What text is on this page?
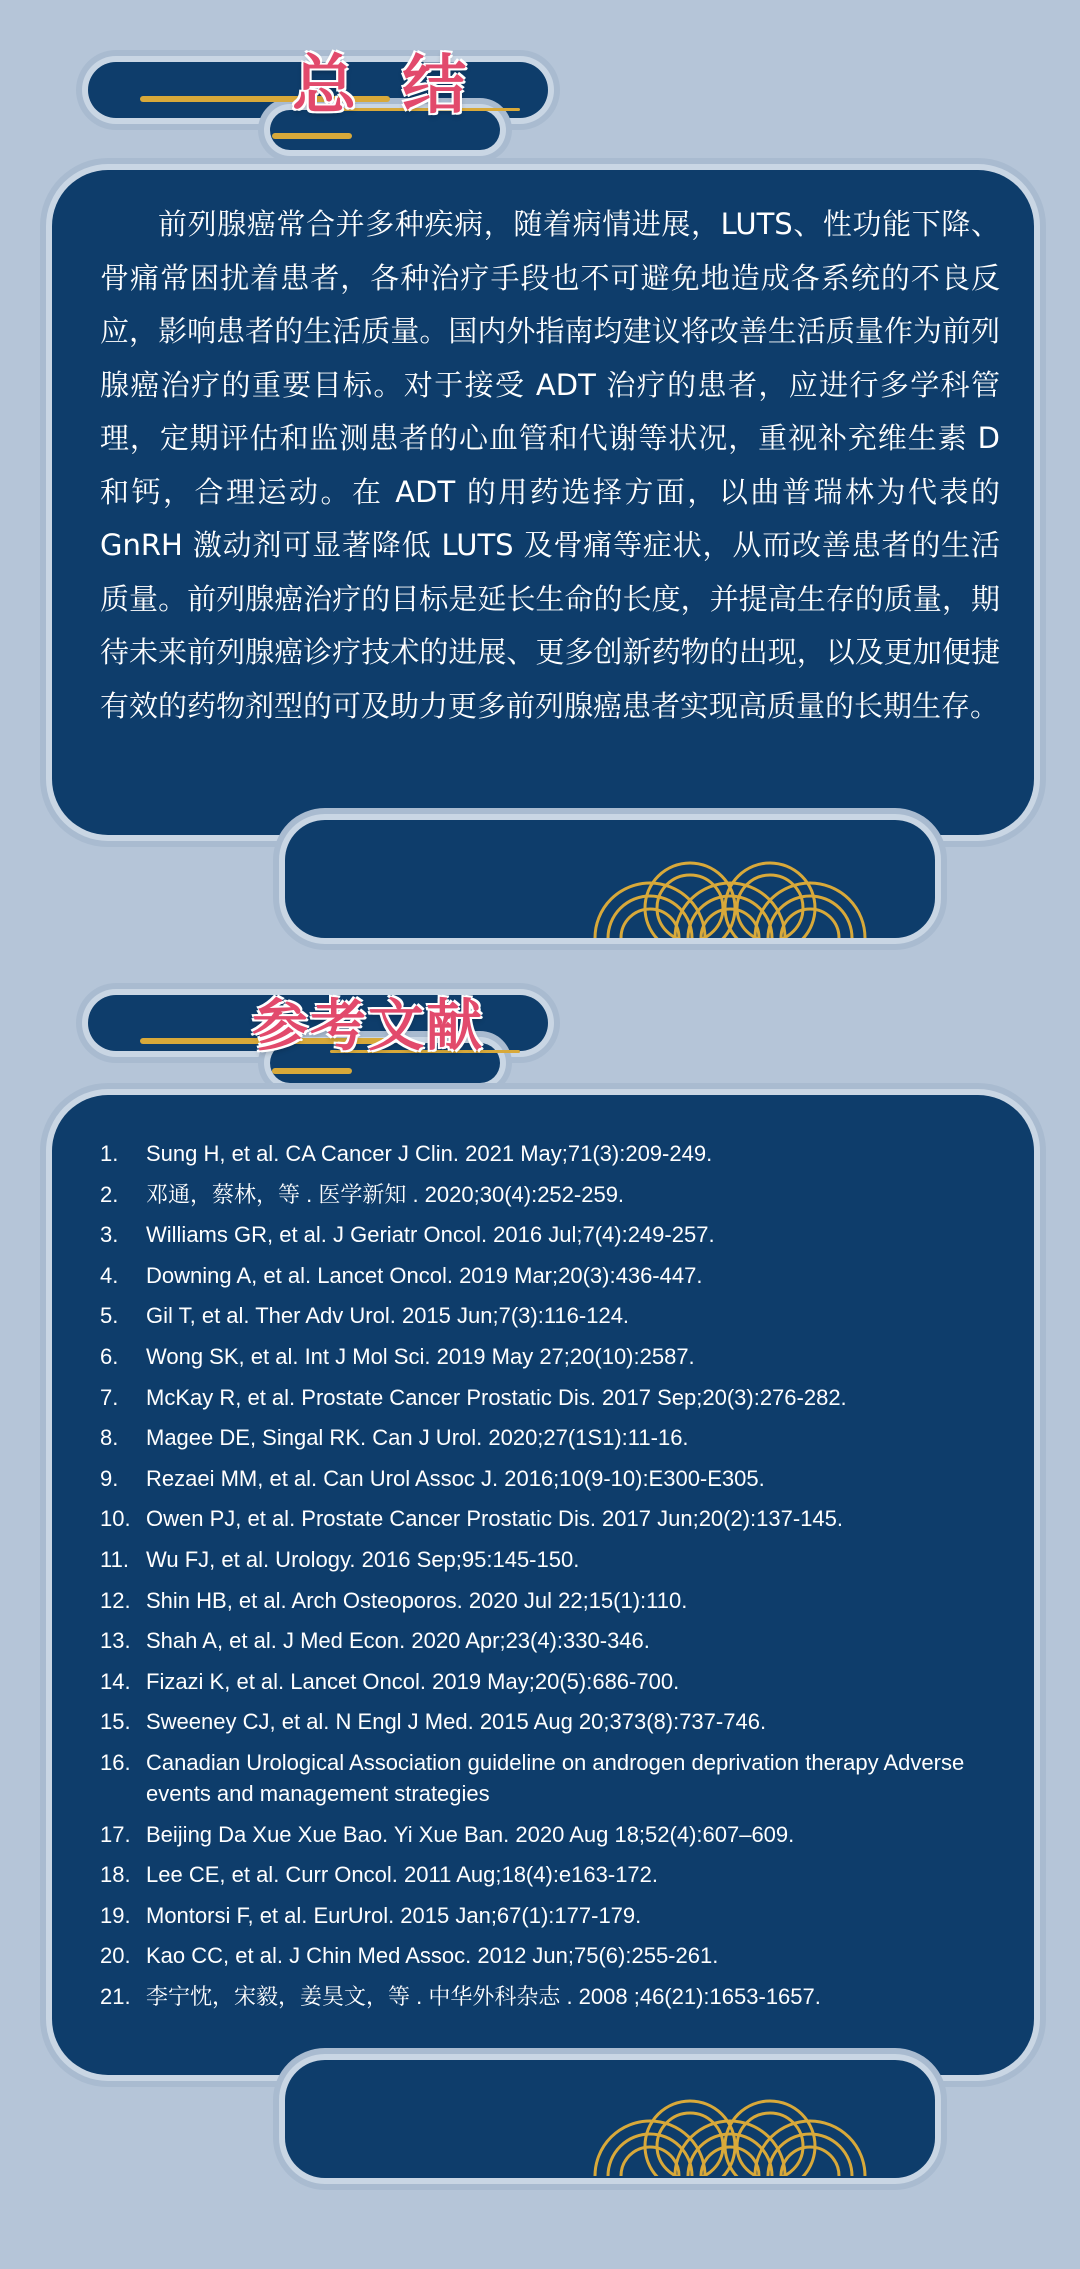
总 结

前列腺癌常合并多种疾病，随着病情进展，LUTS、性功能下降、骨痛常困扰着患者，各种治疗手段也不可避免地造成各系统的不良反应，影响患者的生活质量。国内外指南均建议将改善生活质量作为前列腺癌治疗的重要目标。对于接受 ADT 治疗的患者，应进行多学科管理，定期评估和监测患者的心血管和代谢等状况，重视补充维生素 D 和钙，合理运动。在 ADT 的用药选择方面，以曲普瑞林为代表的 GnRH 激动剂可显著降低 LUTS 及骨痛等症状，从而改善患者的生活质量。前列腺癌治疗的目标是延长生命的长度，并提高生存的质量，期待未来前列腺癌诊疗技术的进展、更多创新药物的出现，以及更加便捷有效的药物剂型的可及助力更多前列腺癌患者实现高质量的长期生存。

参考文献
1.	Sung H, et al. CA Cancer J Clin. 2021 May;71(3):209-249.
2.	邓通，蔡林，等 . 医学新知 . 2020;30(4):252-259.
3.	Williams GR, et al. J Geriatr Oncol. 2016 Jul;7(4):249-257.
4.	Downing A, et al. Lancet Oncol. 2019 Mar;20(3):436-447.
5.	Gil T, et al. Ther Adv Urol. 2015 Jun;7(3):116-124.
6.	Wong SK, et al. Int J Mol Sci. 2019 May 27;20(10):2587.
7.	McKay R, et al. Prostate Cancer Prostatic Dis. 2017 Sep;20(3):276-282.
8.	Magee DE, Singal RK. Can J Urol. 2020;27(1S1):11-16.
9.	Rezaei MM, et al. Can Urol Assoc J. 2016;10(9-10):E300-E305.
10. Owen PJ, et al. Prostate Cancer Prostatic Dis. 2017 Jun;20(2):137-145.
11. Wu FJ, et al. Urology. 2016 Sep;95:145-150.
12. Shin HB, et al. Arch Osteoporos. 2020 Jul 22;15(1):110.
13. Shah A, et al. J Med Econ. 2020 Apr;23(4):330-346.
14. Fizazi K, et al. Lancet Oncol. 2019 May;20(5):686-700.
15. Sweeney CJ, et al. N Engl J Med. 2015 Aug 20;373(8):737-746.
16. Canadian Urological Association guideline on androgen deprivation therapy Adverse events and management strategies
17. Beijing Da Xue Xue Bao. Yi Xue Ban. 2020 Aug 18;52(4):607–609.
18. Lee CE, et al. Curr Oncol. 2011 Aug;18(4):e163-172.
19. Montorsi F, et al. EurUrol. 2015 Jan;67(1):177-179.
20. Kao CC, et al. J Chin Med Assoc. 2012 Jun;75(6):255-261.
21. 李宁忱，宋毅，姜昊文，等 . 中华外科杂志 . 2008 ;46(21):1653-1657.
